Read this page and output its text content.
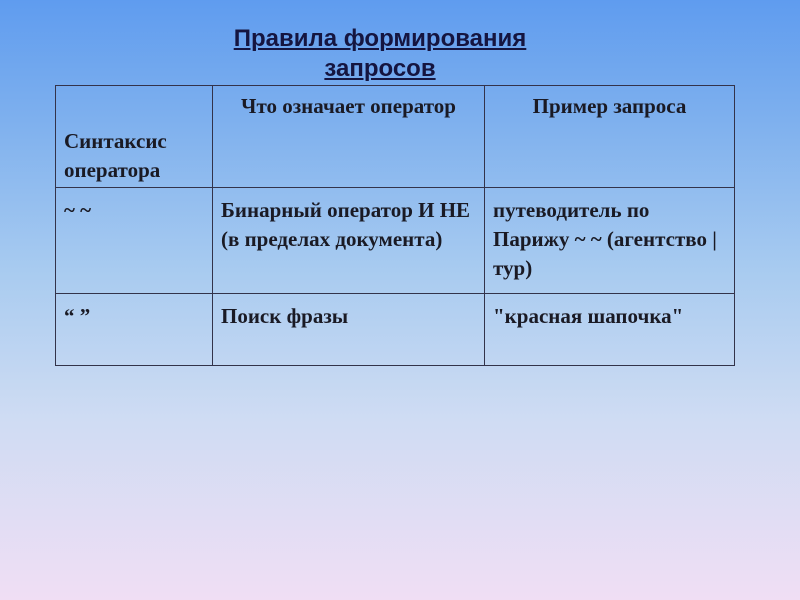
Правила формирования
запросов
Синтаксис оператора	Что означает оператор	Пример запроса
~ ~	Бинарный оператор И НЕ (в пределах документа)	путеводитель по Парижу ~ ~ (агентство | тур)
“ ”	Поиск фразы	"красная шапочка"
